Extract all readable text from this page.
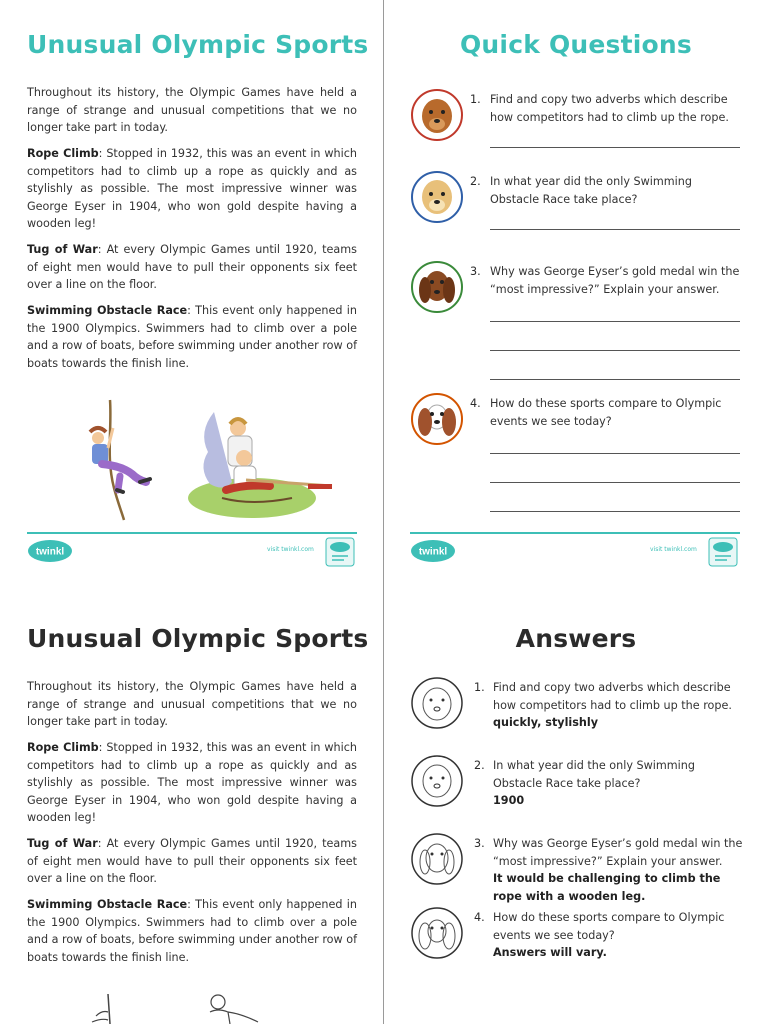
Unusual Olympic Sports

Throughout its history, the Olympic Games have held a range of strange and unusual competitions that we no longer take part in today.

Rope Climb: Stopped in 1932, this was an event in which competitors had to climb up a rope as quickly and as stylishly as possible. The most impressive winner was George Eyser in 1904, who won gold despite having a wooden leg!

Tug of War: At every Olympic Games until 1920, teams of eight men would have to pull their opponents six feet over a line on the floor.

Swimming Obstacle Race: This event only happened in the 1900 Olympics. Swimmers had to climb over a pole and a row of boats, before swimming under another row of boats towards the finish line.

twinkl	visit twinkl.com
Quick Questions
1. Find and copy two adverbs which describe how competitors had to climb up the rope.
2. In what year did the only Swimming Obstacle Race take place?
3. Why was George Eyser’s gold medal win the “most impressive?” Explain your answer.
4. How do these sports compare to Olympic events we see today?
twinkl	visit twinkl.com
Unusual Olympic Sports

Throughout its history, the Olympic Games have held a range of strange and unusual competitions that we no longer take part in today.

Rope Climb: Stopped in 1932, this was an event in which competitors had to climb up a rope as quickly and as stylishly as possible. The most impressive winner was George Eyser in 1904, who won gold despite having a wooden leg!

Tug of War: At every Olympic Games until 1920, teams of eight men would have to pull their opponents six feet over a line on the floor.

Swimming Obstacle Race: This event only happened in the 1900 Olympics. Swimmers had to climb over a pole and a row of boats, before swimming under another row of boats towards the finish line.

Answers
1. Find and copy two adverbs which describe how competitors had to climb up the rope.
quickly, stylishly
2. In what year did the only Swimming Obstacle Race take place?
1900
3. Why was George Eyser’s gold medal win the “most impressive?” Explain your answer.
It would be challenging to climb the rope with a wooden leg.
4. How do these sports compare to Olympic events we see today?
Answers will vary.
